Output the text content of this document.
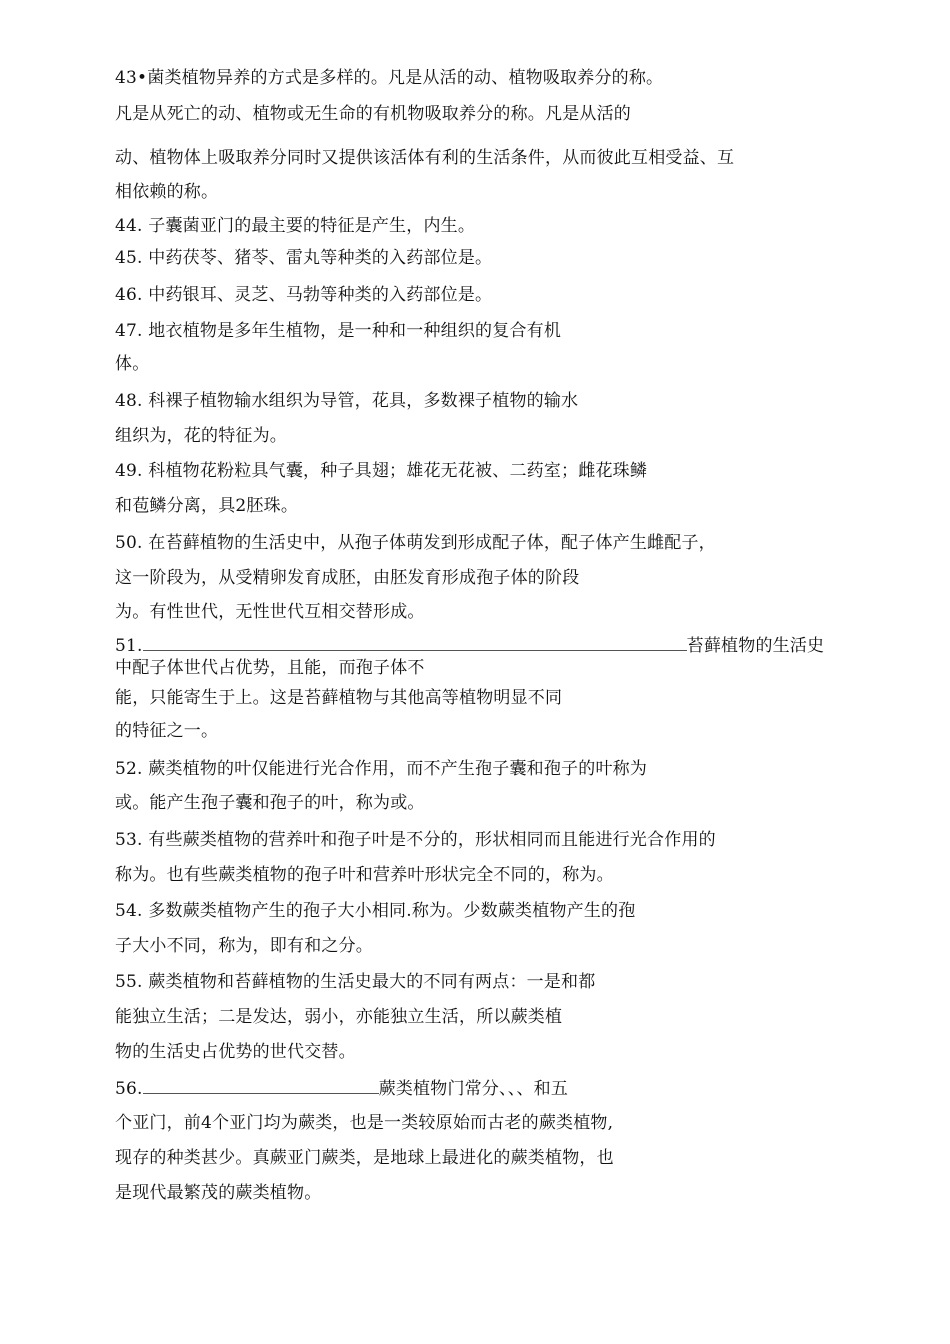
43•菌类植物异养的方式是多样的。凡是从活的动、植物吸取养分的称。
凡是从死亡的动、植物或无生命的有机物吸取养分的称。凡是从活的
动、植物体上吸取养分同时又提供该活体有利的生活条件，从而彼此互相受益、互
相依赖的称。
44. 子囊菌亚门的最主要的特征是产生，内生。
45. 中药茯苓、猪苓、雷丸等种类的入药部位是。
46. 中药银耳、灵芝、马勃等种类的入药部位是。
47. 地衣植物是多年生植物，是一种和一种组织的复合有机
体。
48. 科裸子植物输水组织为导管，花具，多数裸子植物的输水
组织为，花的特征为。
49. 科植物花粉粒具气囊，种子具翅；雄花无花被、二药室；雌花珠鳞
和苞鳞分离，具2胚珠。
50. 在苔藓植物的生活史中，从孢子体萌发到形成配子体，配子体产生雌配子，
这一阶段为，从受精卵发育成胚，由胚发育形成孢子体的阶段
为。有性世代，无性世代互相交替形成。
51.	苔藓植物的生活史
中配子体世代占优势，且能，而孢子体不
能，只能寄生于上。这是苔藓植物与其他高等植物明显不同
的特征之一。
52. 蕨类植物的叶仅能进行光合作用，而不产生孢子囊和孢子的叶称为
或。能产生孢子囊和孢子的叶，称为或。
53. 有些蕨类植物的营养叶和孢子叶是不分的，形状相同而且能进行光合作用的
称为。也有些蕨类植物的孢子叶和营养叶形状完全不同的，称为。
54. 多数蕨类植物产生的孢子大小相同.称为。少数蕨类植物产生的孢
子大小不同，称为，即有和之分。
55. 蕨类植物和苔藓植物的生活史最大的不同有两点：一是和都
能独立生活；二是发达，弱小，亦能独立生活，所以蕨类植
物的生活史占优势的世代交替。
56.	蕨类植物门常分、、、和五
个亚门，前4个亚门均为蕨类，也是一类较原始而古老的蕨类植物,
现存的种类甚少。真蕨亚门蕨类，是地球上最进化的蕨类植物，也
是现代最繁茂的蕨类植物。
